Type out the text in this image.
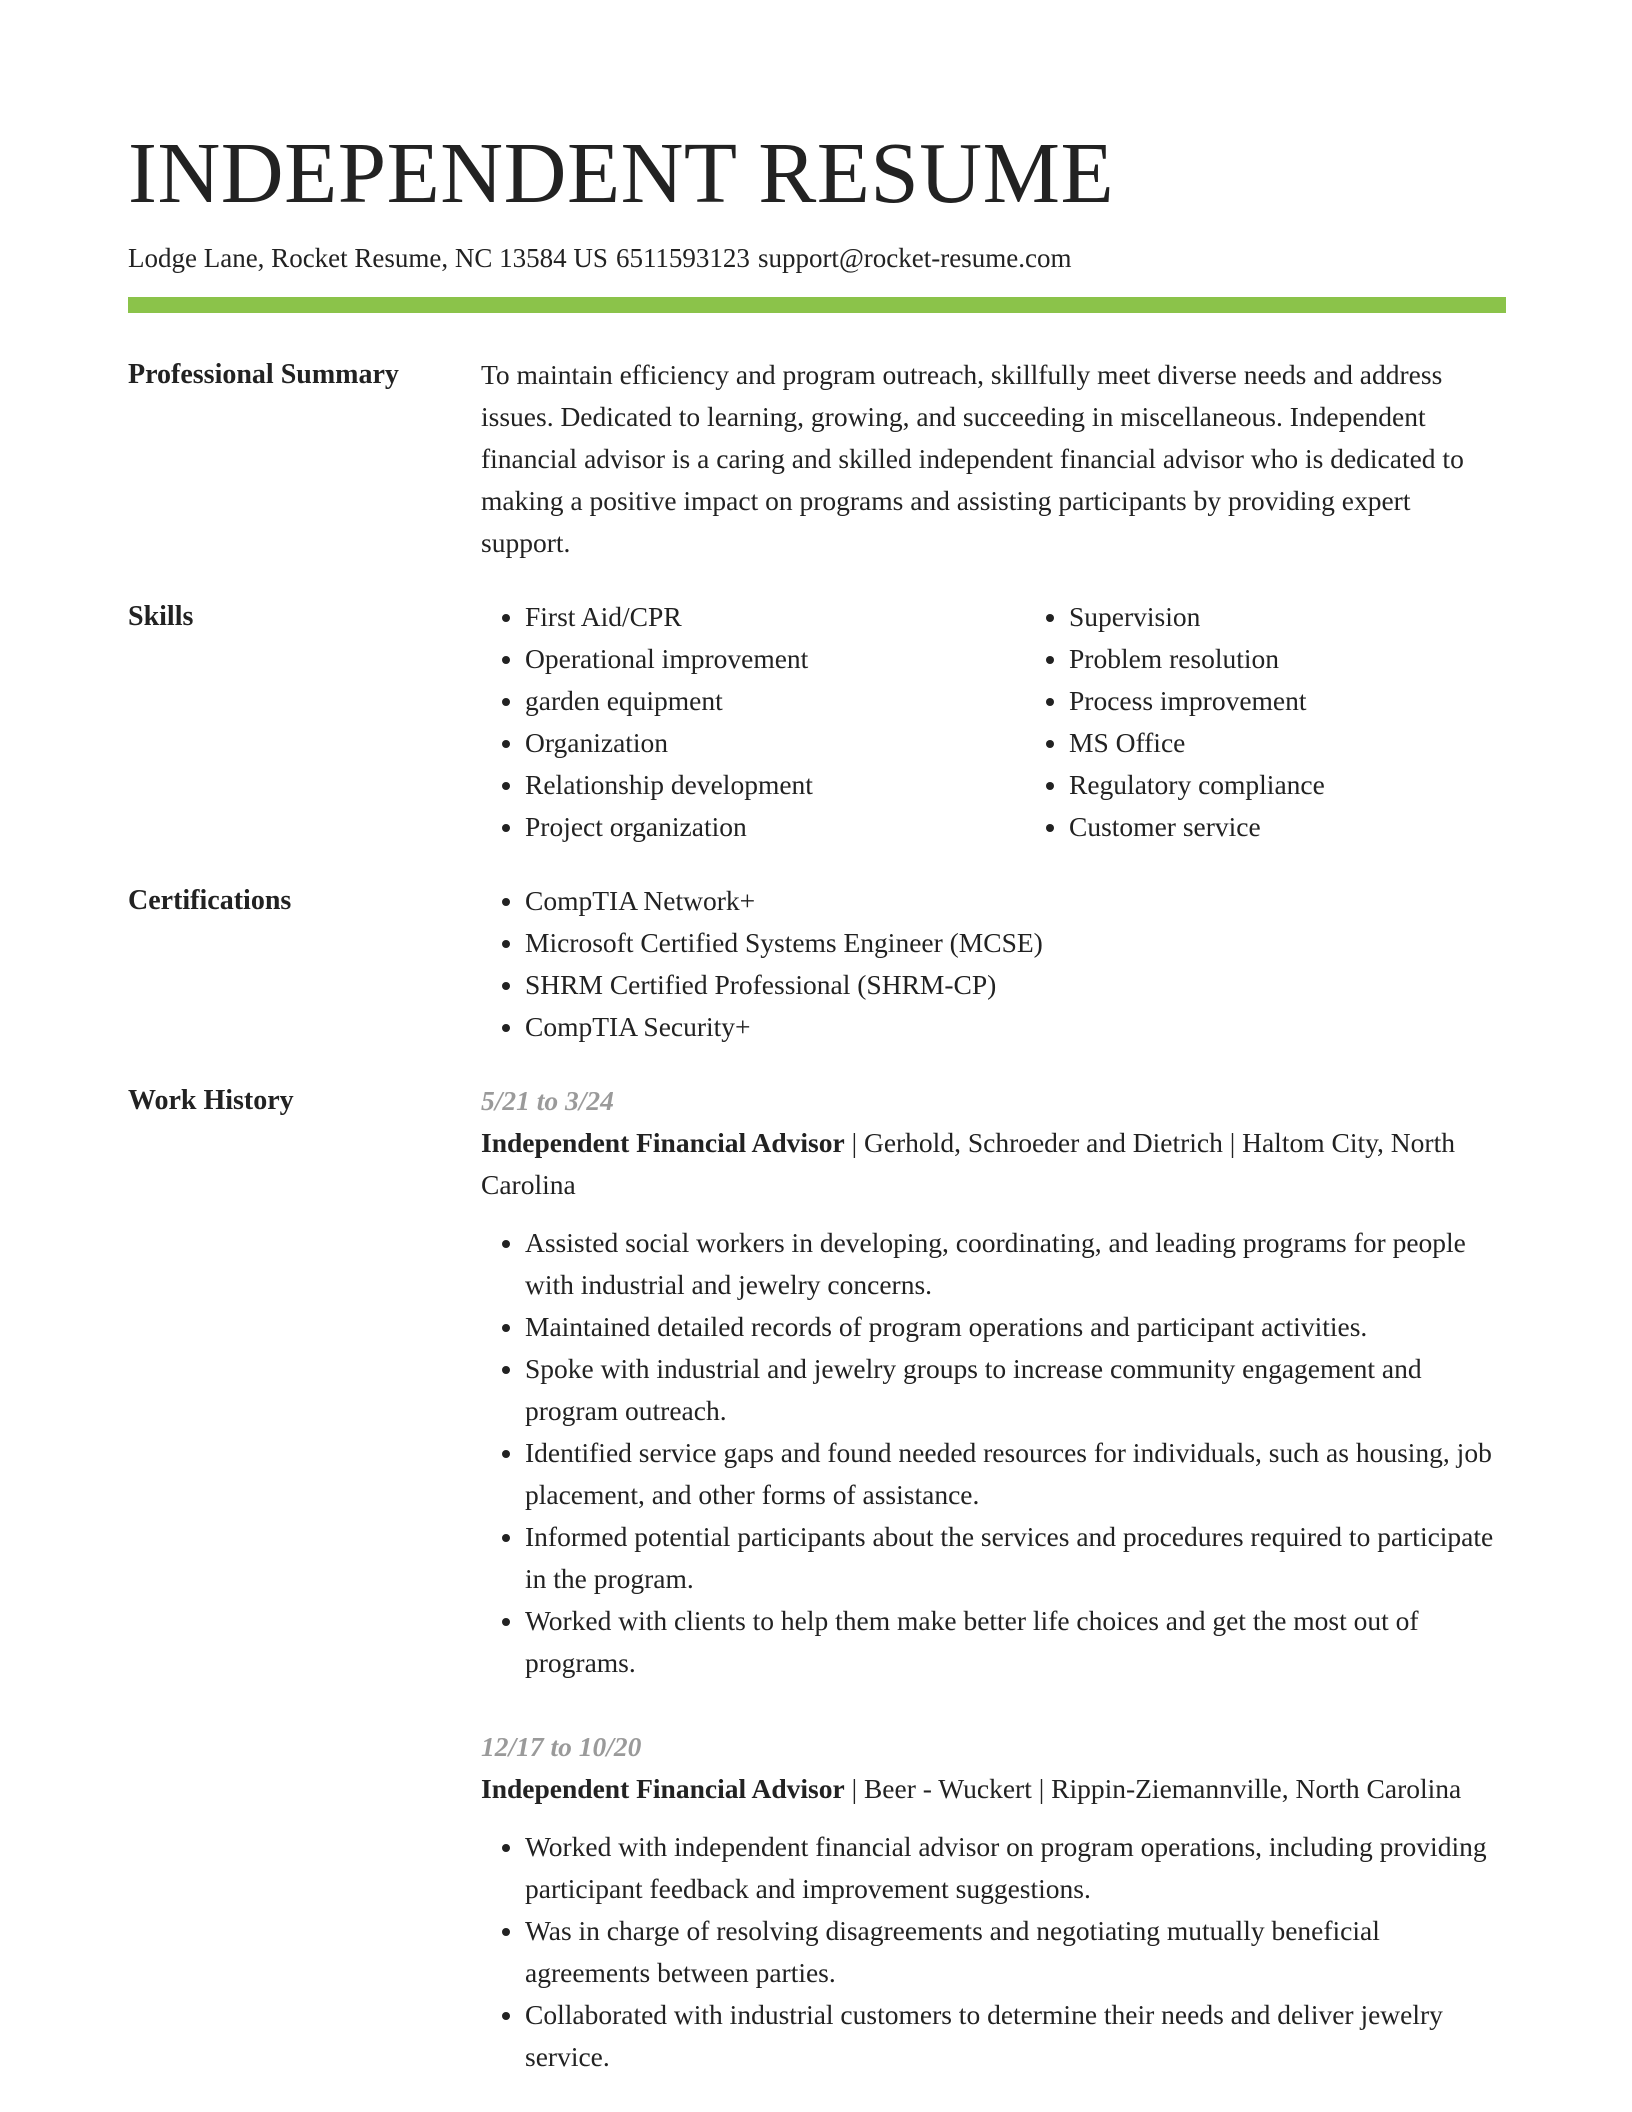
INDEPENDENT RESUME
Lodge Lane, Rocket Resume, NC 13584 US 6511593123 support@rocket-resume.com
Professional Summary	To maintain efficiency and program outreach, skillfully meet diverse needs and address issues. Dedicated to learning, growing, and succeeding in miscellaneous. Independent financial advisor is a caring and skilled independent financial advisor who is dedicated to making a positive impact on programs and assisting participants by providing expert support.

Skills	• First Aid/CPR
• Operational improvement
• garden equipment
• Organization
• Relationship development
• Project organization
• Supervision
• Problem resolution
• Process improvement
• MS Office
• Regulatory compliance
• Customer service
Certifications	• CompTIA Network+
• Microsoft Certified Systems Engineer (MCSE)
• SHRM Certified Professional (SHRM-CP)
• CompTIA Security+
Work History	5/21 to 3/24
Independent Financial Advisor | Gerhold, Schroeder and Dietrich | Haltom City, North Carolina
• Assisted social workers in developing, coordinating, and leading programs for people with industrial and jewelry concerns.
• Maintained detailed records of program operations and participant activities.
• Spoke with industrial and jewelry groups to increase community engagement and program outreach.
• Identified service gaps and found needed resources for individuals, such as housing, job placement, and other forms of assistance.
• Informed potential participants about the services and procedures required to participate in the program.
• Worked with clients to help them make better life choices and get the most out of programs.
12/17 to 10/20
Independent Financial Advisor | Beer - Wuckert | Rippin-Ziemannville, North Carolina
• Worked with independent financial advisor on program operations, including providing participant feedback and improvement suggestions.
• Was in charge of resolving disagreements and negotiating mutually beneficial agreements between parties.
• Collaborated with industrial customers to determine their needs and deliver jewelry service.
